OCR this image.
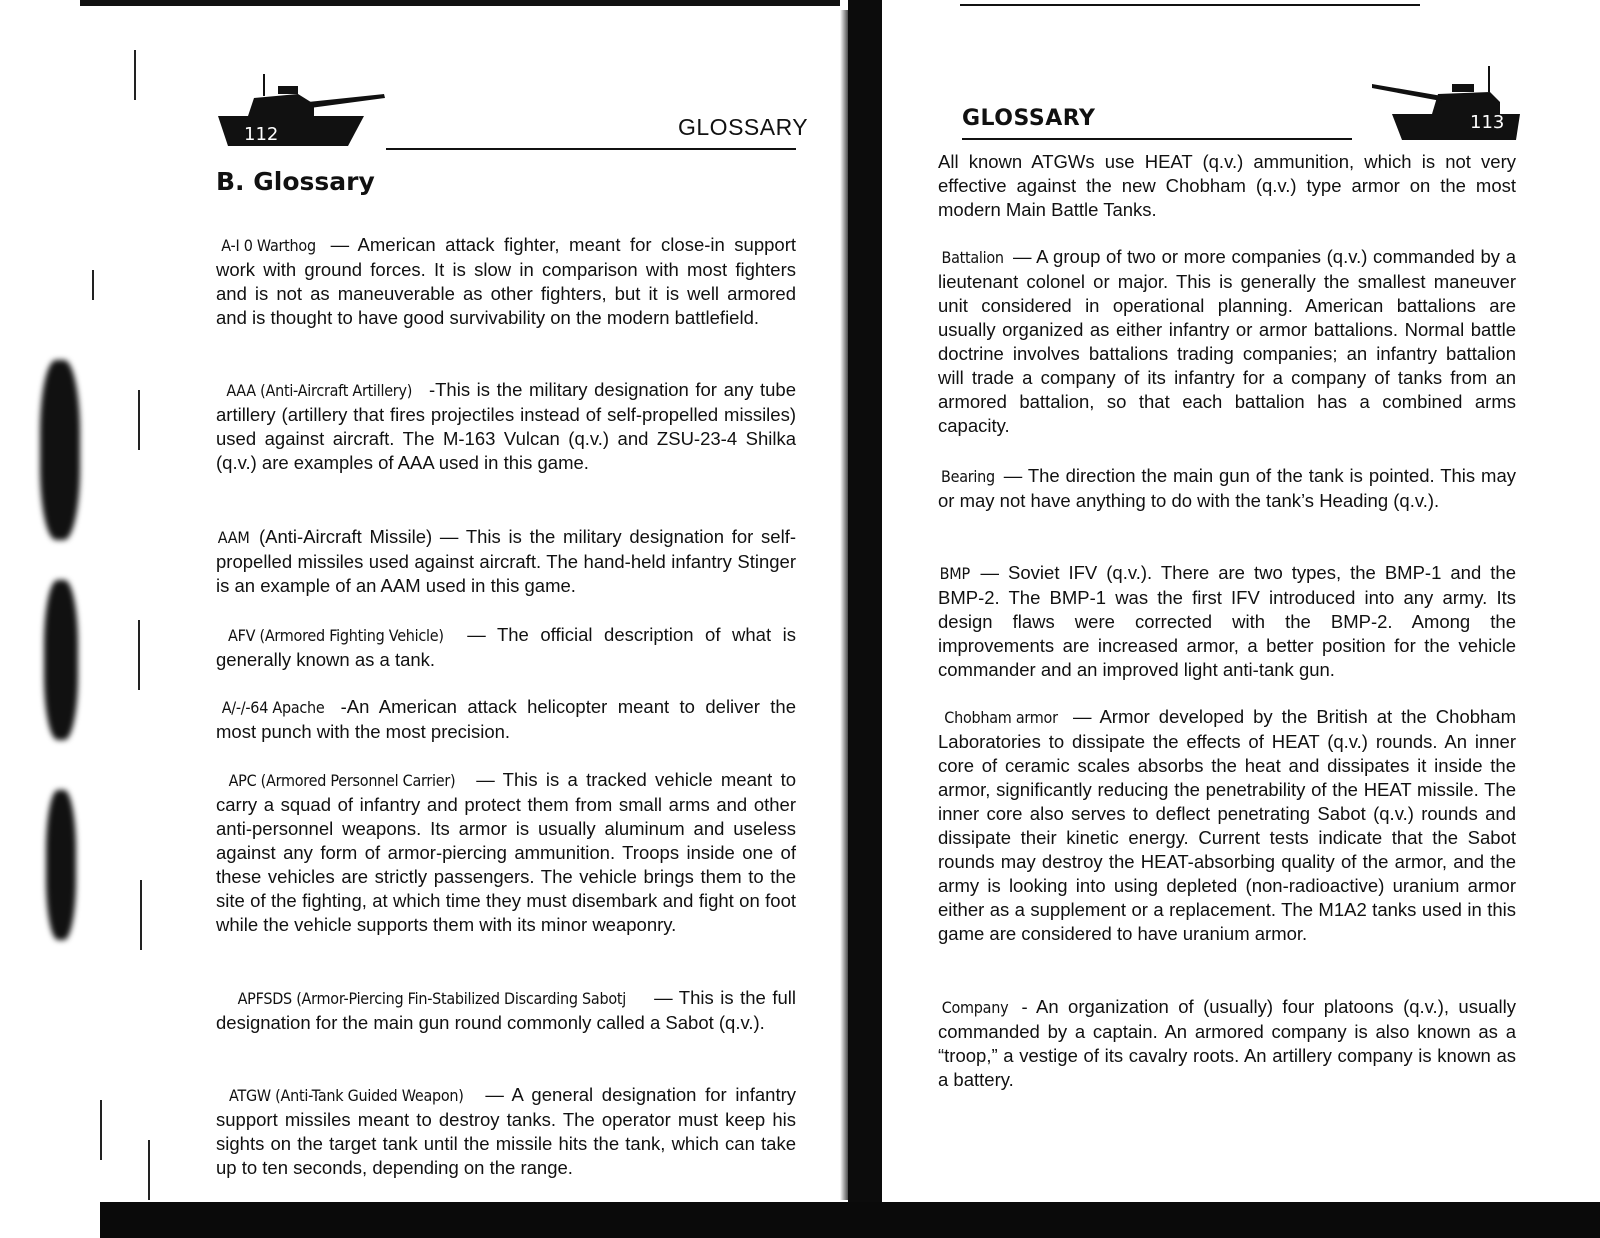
112	GLOSSARY
B. Glossary

A-I 0 Warthog — American attack fighter, meant for close-in support work with ground forces. It is slow in comparison with most fighters and is not as maneuverable as other fighters, but it is well armored and is thought to have good survivability on the modern battlefield.

AAA (Anti-Aircraft Artillery) -This is the military designation for any tube artillery (artillery that fires projectiles instead of self-propelled missiles) used against aircraft. The M-163 Vulcan (q.v.) and ZSU-23-4 Shilka (q.v.) are examples of AAA used in this game.

AAM (Anti-Aircraft Missile) — This is the military designation for self-propelled missiles used against aircraft. The hand-held infantry Stinger is an example of an AAM used in this game.

AFV (Armored Fighting Vehicle) — The official description of what is generally known as a tank.

A/-/-64 Apache -An American attack helicopter meant to deliver the most punch with the most precision.

APC (Armored Personnel Carrier) — This is a tracked vehicle meant to carry a squad of infantry and protect them from small arms and other anti-personnel weapons. Its armor is usually aluminum and useless against any form of armor-piercing ammunition. Troops inside one of these vehicles are strictly passengers. The vehicle brings them to the site of the fighting, at which time they must disembark and fight on foot while the vehicle supports them with its minor weaponry.

APFSDS (Armor-Piercing Fin-Stabilized Discarding Sabotj — This is the full designation for the main gun round commonly called a Sabot (q.v.).

ATGW (Anti-Tank Guided Weapon) — A general designation for infantry support missiles meant to destroy tanks. The operator must keep his sights on the target tank until the missile hits the tank, which can take up to ten seconds, depending on the range.

GLOSSARY	113

All known ATGWs use HEAT (q.v.) ammunition, which is not very effective against the new Chobham (q.v.) type armor on the most modern Main Battle Tanks.

Battalion — A group of two or more companies (q.v.) commanded by a lieutenant colonel or major. This is generally the smallest maneuver unit considered in operational planning. American battalions are usually organized as either infantry or armor battalions. Normal battle doctrine involves battalions trading companies; an infantry battalion will trade a company of its infantry for a company of tanks from an armored battalion, so that each battalion has a combined arms capacity.

Bearing — The direction the main gun of the tank is pointed. This may or may not have anything to do with the tank’s Heading (q.v.).

BMP — Soviet IFV (q.v.). There are two types, the BMP-1 and the BMP-2. The BMP-1 was the first IFV introduced into any army. Its design flaws were corrected with the BMP-2. Among the improvements are increased armor, a better position for the vehicle commander and an improved light anti-tank gun.

Chobham armor — Armor developed by the British at the Chobham Laboratories to dissipate the effects of HEAT (q.v.) rounds. An inner core of ceramic scales absorbs the heat and dissipates it inside the armor, significantly reducing the penetrability of the HEAT missile. The inner core also serves to deflect penetrating Sabot (q.v.) rounds and dissipate their kinetic energy. Current tests indicate that the Sabot rounds may destroy the HEAT-absorbing quality of the armor, and the army is looking into using depleted (non-radioactive) uranium armor either as a supplement or a replacement. The M1A2 tanks used in this game are considered to have uranium armor.

Company - An organization of (usually) four platoons (q.v.), usually commanded by a captain. An armored company is also known as a “troop,” a vestige of its cavalry roots. An artillery company is known as a battery.
